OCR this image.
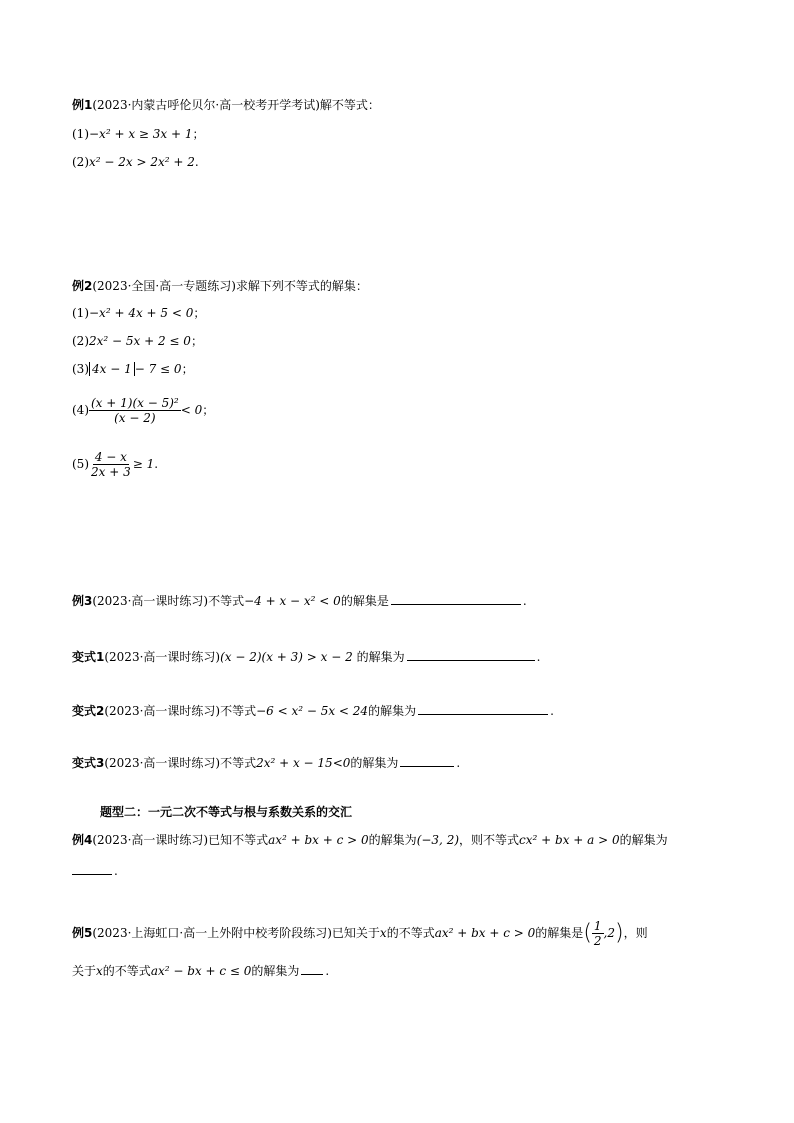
例1(2023·内蒙古呼伦贝尔·高一校考开学考试)解不等式：
(1)−x² + x ≥ 3x + 1；
(2)x² − 2x > 2x² + 2.
例2(2023·全国·高一专题练习)求解下列不等式的解集：
(1)−x² + 4x + 5 < 0；
(2)2x² − 5x + 2 ≤ 0；
(3) 4x − 1 − 7 ≤ 0；
$(4) \frac{\text{(x + 1)(x − 5)²}}{(x - 2)} < 0$；
$(5) \frac{4 - x}{2x + 3} \ge 1$.
例3(2023·高一课时练习)不等式−4 + x − x² < 0的解集是	.
变式1(2023·高一课时练习)(x − 2)(x + 3) > x − 2 的解集为	.
变式2(2023·高一课时练习)不等式−6 < x² − 5x < 24的解集为	.
变式3(2023·高一课时练习)不等式2x² + x − 15<0的解集为	.
题型二：一元二次不等式与根与系数关系的交汇
例4(2023·高一课时练习)已知不等式ax² + bx + c > 0的解集为(−3, 2)，则不等式cx² + bx + a > 0的解集为
.
例5(2023·上海虹口·高一上外附中校考阶段练习)已知关于x的不等式ax² + bx + c > 0的解集是( $\frac{1}{2} ,2$)，则
关于x的不等式ax² − bx + c ≤ 0的解集为 .
